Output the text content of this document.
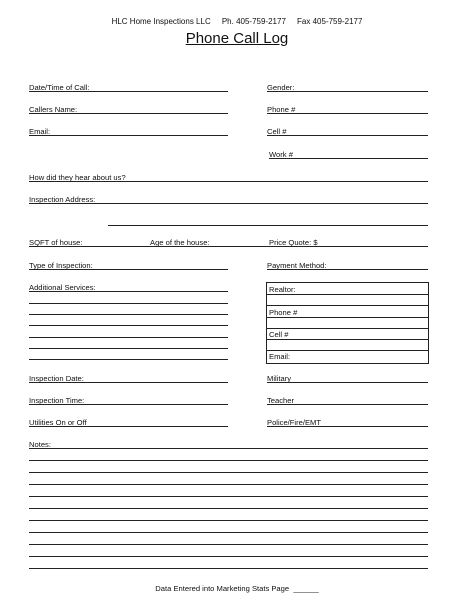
HLC Home Inspections LLC Ph. 405-759-2177 Fax 405-759-2177
Phone Call Log
Date/Time of Call:	Gender:
Callers Name:	Phone #
Email:	Cell #
Work #
How did they hear about us?
Inspection Address:
SQFT of house:	Age of the house:	Price Quote: $
Type of Inspection:	Payment Method:
Additional Services:	Realtor:
Phone #
Cell #
Email:
Inspection Date:	Military
Inspection Time:	Teacher
Utilities On or Off	Police/Fire/EMT
Notes:
Data Entered into Marketing Stats Page ______
